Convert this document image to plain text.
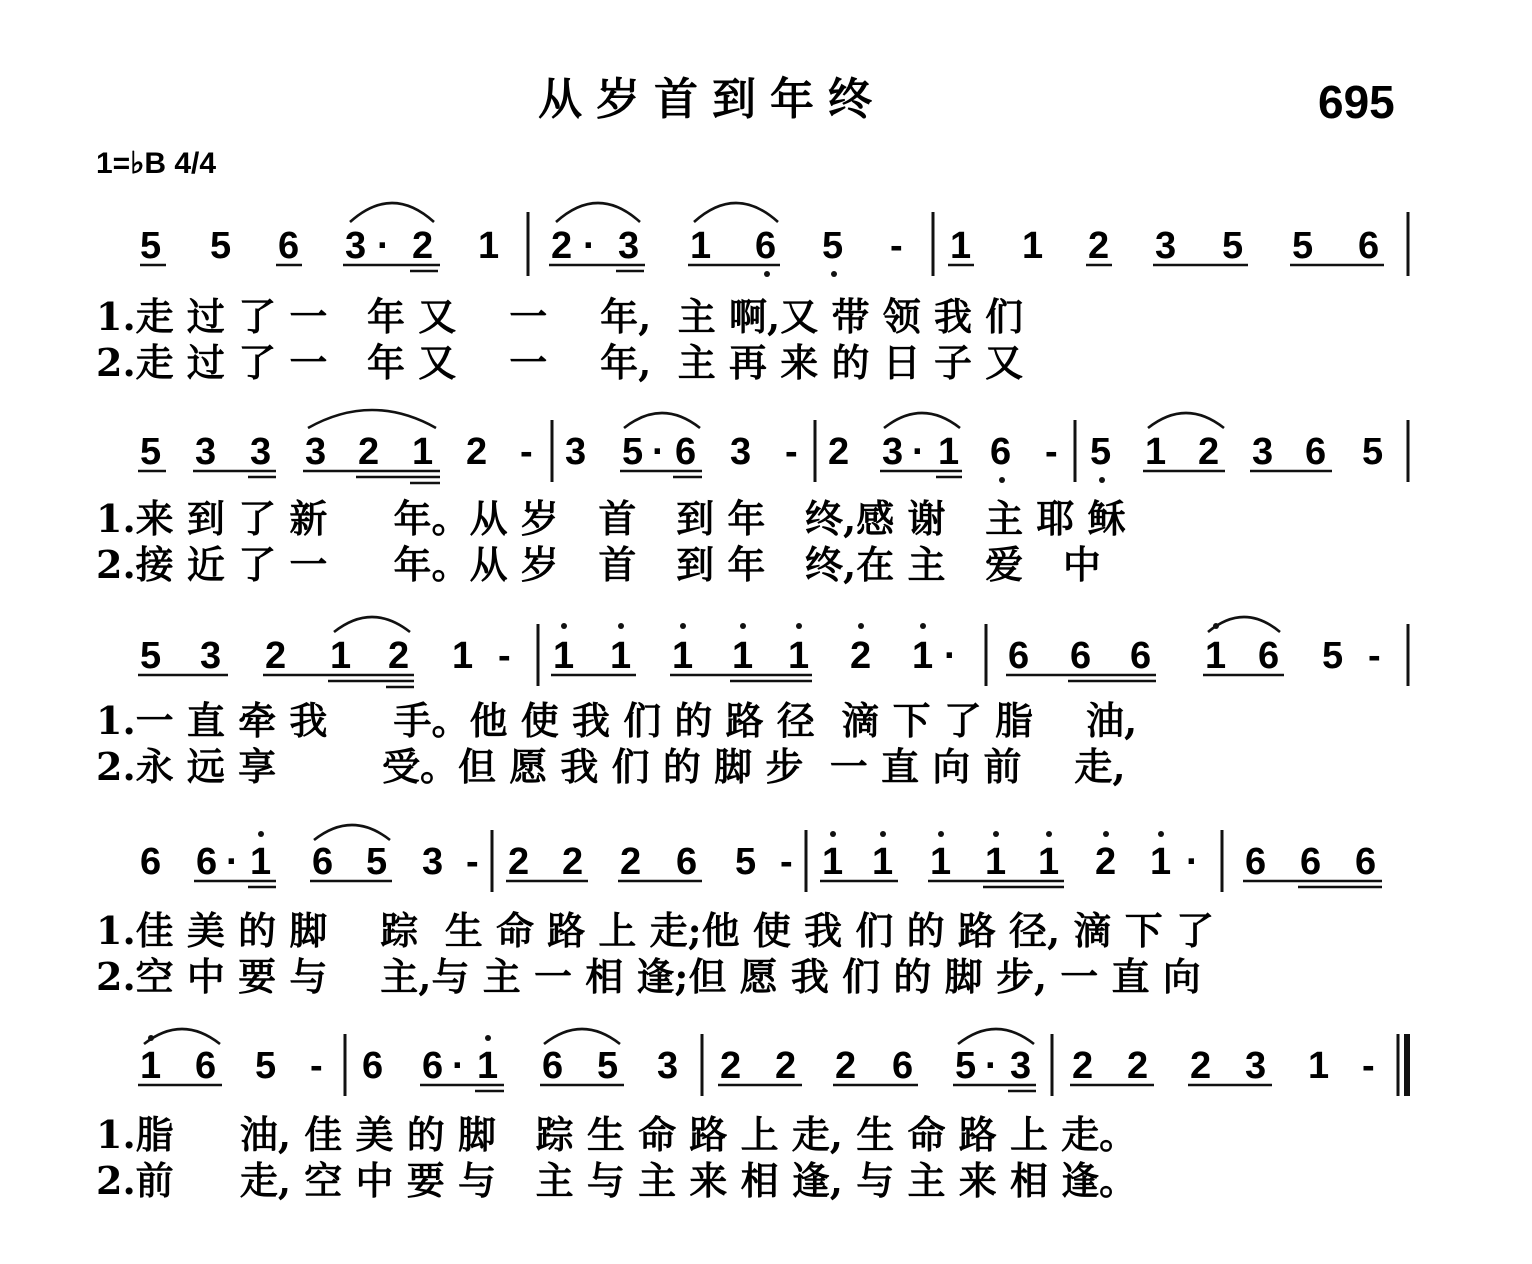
从岁首到年终	695
1=♭B 4/4
5 5 6 3 · 2 1 2 · 3 1 6 5 - 1 1 2 3 5 5 6
1.走 过 了 一   年 又    一    年,  主 啊,又 带 领 我 们
2.走 过 了 一   年 又    一    年,  主 再 来 的 日 子 又
5 3 3 3 2 1 2 - 3 5 · 6 3 - 2 3 · 1 6 - 5 1 2 3 6 5
1.来 到 了 新     年。从 岁   首   到 年   终,感 谢   主 耶 稣
2.接 近 了 一     年。从 岁   首   到 年   终,在 主   爱   中
5 3 2 1 2 1 - 1 1 1 1 1 2 1 · 6 6 6 1 6 5 -
1.一 直 牵 我     手。他 使 我 们 的 路 径  滴 下 了 脂    油,
2.永 远 享        受。但 愿 我 们 的 脚 步  一 直 向 前    走,
6 6 · 1 6 5 3 - 2 2 2 6 5 - 1 1 1 1 1 2 1 · 6 6 6
1.佳 美 的 脚    踪  生 命 路 上 走;他 使 我 们 的 路 径, 滴 下 了
2.空 中 要 与    主,与 主 一 相 逢;但 愿 我 们 的 脚 步, 一 直 向
1 6 5 - 6 6 · 1 6 5 3 2 2 2 6 5 · 3 2 2 2 3 1 -
1.脂     油, 佳 美 的 脚   踪 生 命 路 上 走, 生 命 路 上 走。
2.前     走, 空 中 要 与   主 与 主 来 相 逢, 与 主 来 相 逢。
